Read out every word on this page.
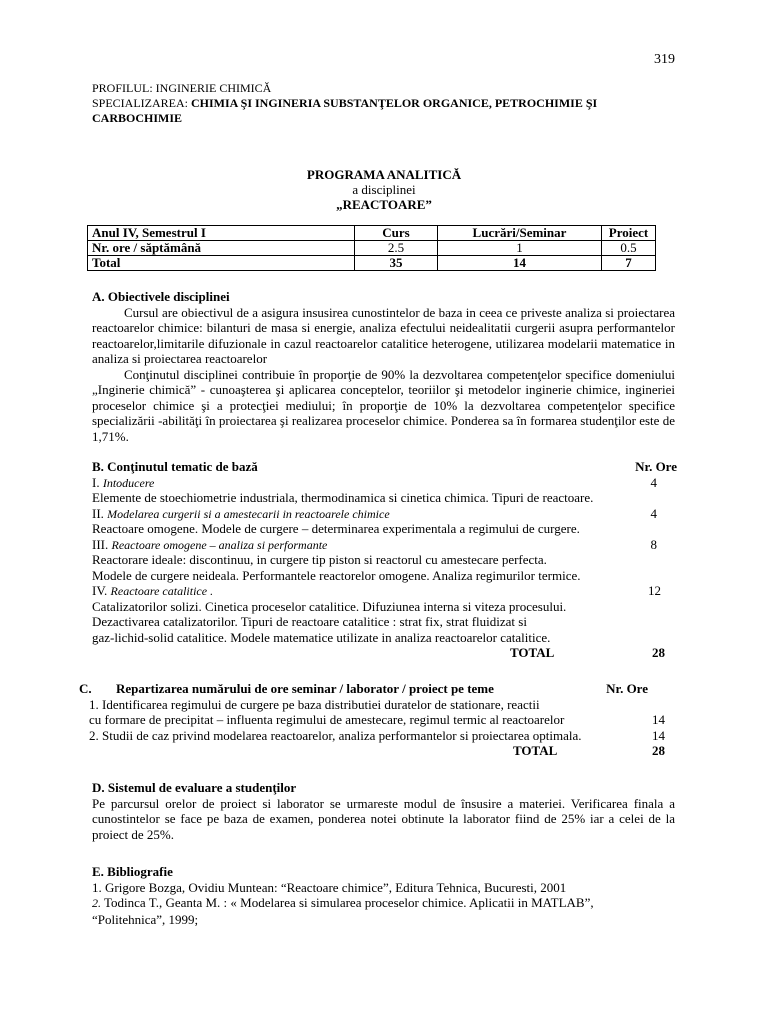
319
PROFILUL: INGINERIE CHIMICĂ
SPECIALIZAREA: CHIMIA ŞI INGINERIA SUBSTANŢELOR ORGANICE, PETROCHIMIE ŞI
CARBOCHIMIE
PROGRAMA ANALITICĂ
a disciplinei
„REACTOARE”
Anul IV, Semestrul I	Curs	Lucrări/Seminar	Proiect
Nr. ore / săptămână	2.5	1	0.5
Total	35	14	7
A. Obiectivele disciplinei
Cursul are obiectivul de a asigura insusirea cunostintelor de baza in ceea ce priveste analiza si proiectarea reactoarelor chimice: bilanturi de masa si energie, analiza efectului neidealitatii curgerii asupra performantelor reactoarelor,limitarile difuzionale in cazul reactoarelor catalitice heterogene, utilizarea modelarii matematice in analiza si proiectarea reactoarelor
Conţinutul disciplinei contribuie în proporţie de 90% la dezvoltarea competenţelor specifice domeniului „Inginerie chimică” - cunoaşterea şi aplicarea conceptelor, teoriilor şi metodelor inginerie chimice, ingineriei proceselor chimice şi a protecţiei mediului; în proporţie de 10% la dezvoltarea competenţelor specifice specializării -abilităţi în proiectarea şi realizarea proceselor chimice. Ponderea sa în formarea studenţilor este de 1,71%.
B. Conţinutul tematic de bază	Nr. Ore
I. Intoducere	4
Elemente de stoechiometrie industriala, thermodinamica si cinetica chimica. Tipuri de reactoare.
II. Modelarea curgerii si a amestecarii in reactoarele chimice	4
Reactoare omogene. Modele de curgere – determinarea experimentala a regimului de curgere.
III. Reactoare omogene – analiza si performante	8
Reactorare ideale: discontinuu, in curgere tip piston si reactorul cu amestecare perfecta.
Modele de curgere neideala. Performantele reactorelor omogene. Analiza regimurilor termice.
IV. Reactoare catalitice .	12
Catalizatorilor solizi. Cinetica proceselor catalitice. Difuziunea interna si viteza procesului.
Dezactivarea catalizatorilor. Tipuri de reactoare catalitice : strat fix, strat fluidizat si
gaz-lichid-solid catalitice. Modele matematice utilizate in analiza reactoarelor catalitice.
TOTAL	28
C. Repartizarea numărului de ore seminar / laborator / proiect pe teme	Nr. Ore
1. Identificarea regimului de curgere pe baza distributiei duratelor de stationare, reactii
cu formare de precipitat – influenta regimului de amestecare, regimul termic al reactoarelor	14
2. Studii de caz privind modelarea reactoarelor, analiza performantelor si proiectarea optimala.	14
TOTAL	28
D. Sistemul de evaluare a studenţilor
Pe parcursul orelor de proiect si laborator se urmareste modul de însusire a materiei. Verificarea finala a cunostintelor se face pe baza de examen, ponderea notei obtinute la laborator fiind de 25% iar a celei de la proiect de 25%.
E. Bibliografie
1. Grigore Bozga, Ovidiu Muntean: “Reactoare chimice”, Editura Tehnica, Bucuresti, 2001
2. Todinca T., Geanta M. : « Modelarea si simularea proceselor chimice. Aplicatii in MATLAB”,
“Politehnica”, 1999;
